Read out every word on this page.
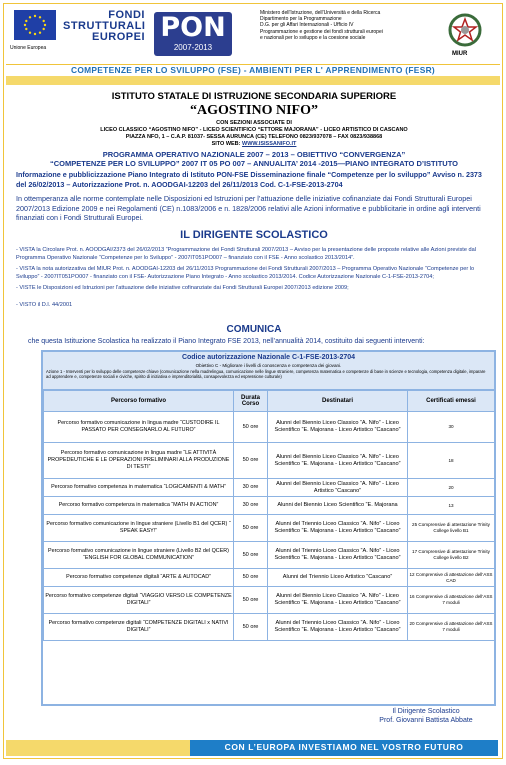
Unione Europea
FONDI
STRUTTURALI
EUROPEI PON
2007-2013
Ministero dell'Istruzione, dell'Università e della Ricerca
Dipartimento per la Programmazione
D.G. per gli Affari Internazionali - Ufficio IV
Programmazione e gestione dei fondi strutturali europei
e nazionali per lo sviluppo e la coesione sociale
MIUR
COMPETENZE PER LO SVILUPPO (FSE) - AMBIENTI PER L' APPRENDIMENTO (FESR)
ISTITUTO STATALE DI ISTRUZIONE SECONDARIA SUPERIORE
“AGOSTINO NIFO”
CON SEZIONI ASSOCIATE DI
LICEO CLASSICO “AGOSTINO NIFO” - LICEO SCIENTIFICO “ETTORE MAJORANA” - LICEO ARTISTICO DI CASCANO
PIAZZA NFO, 1 – C.A.P. 81037- SESSA AURUNCA (CE) TELEFONO 0823/937078 – FAX 0823/938868
SITO WEB: WWW.ISISSANIFO.IT
PROGRAMMA OPERATIVO NAZIONALE 2007 – 2013 – OBIETTIVO “CONVERGENZA”
“COMPETENZE PER LO SVILUPPO” 2007 IT 05 PO 007 – ANNUALITA’ 2014 -2015—PIANO INTEGRATO D’ISTITUTO
Informazione e pubblicizzazione Piano Integrato di Istituto PON-FSE Disseminazione finale “Competenze per lo sviluppo” Avviso n. 2373 del 26/02/2013 – Autorizzazione Prot. n. AOODGAI-12203 del 26/11/2013 Cod. C-1-FSE-2013-2704
In ottemperanza alle norme contemplate nelle Disposizioni ed Istruzioni per l’attuazione delle iniziative cofinanziate dai Fondi Strutturali Europei 2007/2013 Edizione 2009 e nei Regolamenti (CE) n.1083/2006 e n. 1828/2006 relativi alle Azioni informative e pubblicitarie in ordine agli interventi finanziati con i Fondi Strutturali Europei.
IL DIRIGENTE SCOLASTICO
- VISTA la Circolare Prot. n. AOODGAI/2373 del 26/02/2013 “Programmazione dei Fondi Strutturali 2007/2013 – Avviso per la presentazione delle proposte relative alle Azioni previste dal Programma Operativo Nazionale “Competenze per lo Sviluppo” - 2007IT051PO007 – finanziato con il FSE - Anno scolastico 2013/2014”.
- VISTA la nota autorizzativa del MIUR Prot. n. AOODGAI-12203 del 26/11/2013 Programmazione dei Fondi Strutturali 2007/2013 – Programma Operativo Nazionale “Competenze per lo Sviluppo” - 2007IT051PO007 - finanziato con il FSE- Autorizzazione Piano Integrato - Anno scolastico 2013/2014. Codice Autorizzazione Nazionale C-1-FSE-2013-2704;
- VISTE le Disposizioni ed Istruzioni per l’attuazione delle iniziative cofinanziate dai Fondi Strutturali Europei 2007/2013 edizione 2009;
- VISTO il D.I. 44/2001
COMUNICA
che questa Istituzione Scolastica ha realizzato il Piano Integrato FSE 2013, nell’annualità 2014, costituito dai seguenti interventi:
Codice autorizzazione Nazionale C-1-FSE-2013-2704
Obiettivo C - Migliorare i livelli di conoscenza e competenza dei giovani.
Azione 1 - Interventi per lo sviluppo delle competenze chiave (comunicazione nella madrelingua, comunicazione nelle lingue straniere, competenza matematica e competenze di base in scienze e tecnologia, competenza digitale, imparare ad apprendere e, competenze sociali e civiche, spirito di iniziativa e imprenditorialità, consapevolezza ed espressione culturale)
Percorso formativo	Durata Corso	Destinatari	Certificati emessi
Percorso formativo comunicazione in lingua madre “CUSTODIRE IL PASSATO PER CONSEGNARLO AL FUTURO”	50 ore	Alunni del Biennio Liceo Classico “A. Nifo” - Liceo Scientifico “E. Majorana - Liceo Artistico “Cascano”	30
Percorso formativo comunicazione in lingua madre “LE ATTIVITÀ PROPEDEUTICHE E LE OPERAZIONI PRELIMINARI ALLA PRODUZIONE DI TESTI”	50 ore	Alunni del Biennio Liceo Classico “A. Nifo” - Liceo Scientifico “E. Majorana - Liceo Artistico “Cascano”	18
Percorso formativo competenza in matematica “LOGICAMENTI & MATH”	30 ore	Alunni del Biennio Liceo Classico “A. Nifo” - Liceo Artistico “Cascano”	20
Percorso formativo competenza in matematica “MATH IN ACTION”	30 ore	Alunni del Biennio Liceo Scientifico “E. Majorana	13
Percorso formativo comunicazione in lingue straniere (Livello B1 del QCER) “ SPEAK EASY!”	50 ore	Alunni del Triennio Liceo Classico “A. Nifo” - Liceo Scientifico “E. Majorana - Liceo Artistico “Cascano”	25 Comprensive di attestazione Trinity College livello B1
Percorso formativo comunicazione in lingue straniere (Livello B2 del QCER) “ENGLISH FOR GLOBAL COMMUNICATION”	50 ore	Alunni del Triennio Liceo Classico “A. Nifo” - Liceo Scientifico “E. Majorana - Liceo Artistico “Cascano”	17 Comprensive di attestazione Trinity College livello B2
Percorso formativo competenze digitali “ARTE & AUTOCAD”	50 ore	Alunni del Triennio Liceo Artistico “Cascano”	12 Comprensive di attestazione dell’ASS CAD
Percorso formativo competenze digitali “VIAGGIO VERSO LE COMPETENZE DIGITALI”	50 ore	Alunni del Biennio Liceo Classico “A. Nifo” - Liceo Scientifico “E. Majorana - Liceo Artistico “Cascano”	16 Comprensive di attestazione dell’ASS 7 moduli
Percorso formativo competenze digitali “COMPETENZE DIGITALI x NATIVI DIGITALI”	50 ore	Alunni del Triennio Liceo Classico “A. Nifo” - Liceo Scientifico “E. Majorana - Liceo Artistico “Cascano”	20 Comprensive di attestazione dell’ASS 7 moduli
Il Dirigente Scolastico
Prof. Giovanni Battista Abbate
CON L’EUROPA INVESTIAMO NEL VOSTRO FUTURO
